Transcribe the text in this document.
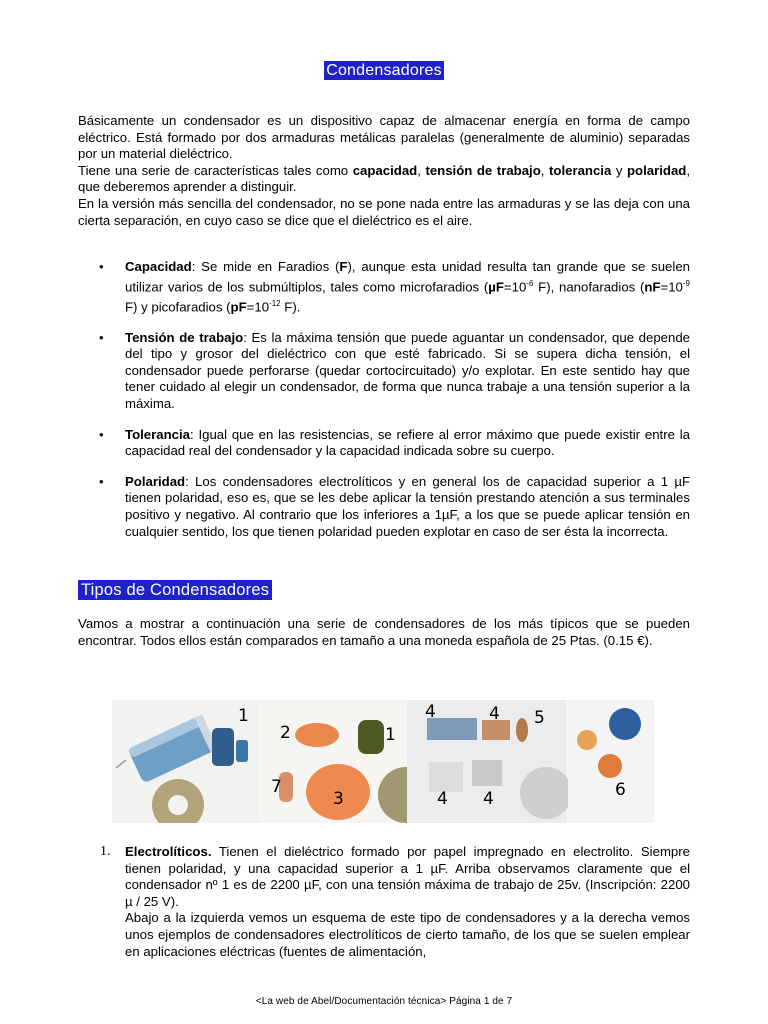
Condensadores

Básicamente un condensador es un dispositivo capaz de almacenar energía en forma de campo eléctrico. Está formado por dos armaduras metálicas paralelas (generalmente de aluminio) separadas por un material dieléctrico.

Tiene una serie de características tales como capacidad, tensión de trabajo, tolerancia y polaridad, que deberemos aprender a distinguir.

En la versión más sencilla del condensador, no se pone nada entre las armaduras y se las deja con una cierta separación, en cuyo caso se dice que el dieléctrico es el aire.

• Capacidad: Se mide en Faradios (F), aunque esta unidad resulta tan grande que se suelen utilizar varios de los submúltiplos, tales como microfaradios ($\mu F=10^{-6}$ F), nanofaradios ($nF=10^{-9}$ F) y picofaradios ($pF=10^{-12}$ F).
• Tensión de trabajo: Es la máxima tensión que puede aguantar un condensador, que depende del tipo y grosor del dieléctrico con que esté fabricado. Si se supera dicha tensión, el condensador puede perforarse (quedar cortocircuitado) y/o explotar. En este sentido hay que tener cuidado al elegir un condensador, de forma que nunca trabaje a una tensión superior a la máxima.
• Tolerancia: Igual que en las resistencias, se refiere al error máximo que puede existir entre la capacidad real del condensador y la capacidad indicada sobre su cuerpo.
• Polaridad: Los condensadores electrolíticos y en general los de capacidad superior a 1 µF tienen polaridad, eso es, que se les debe aplicar la tensión prestando atención a sus terminales positivo y negativo. Al contrario que los inferiores a 1µF, a los que se puede aplicar tensión en cualquier sentido, los que tienen polaridad pueden explotar en caso de ser ésta la incorrecta.
Tipos de Condensadores
Vamos a mostrar a continuación una serie de condensadores de los más típicos que se pueden encontrar. Todos ellos están comparados en tamaño a una moneda española de 25 Ptas. (0.15 €).
1
2	1
4	4 5
7
3	4 4	6
1. Electrolíticos. Tienen el dieléctrico formado por papel impregnado en electrolito. Siempre tienen polaridad, y una capacidad superior a 1 µF. Arriba observamos claramente que el condensador nº 1 es de 2200 µF, con una tensión máxima de trabajo de 25v. (Inscripción: 2200 µ / 25 V).

Abajo a la izquierda vemos un esquema de este tipo de condensadores y a la derecha vemos unos ejemplos de condensadores electrolíticos de cierto tamaño, de los que se suelen emplear en aplicaciones eléctricas (fuentes de alimentación,

<La web de Abel/Documentación técnica> Página 1 de 7
